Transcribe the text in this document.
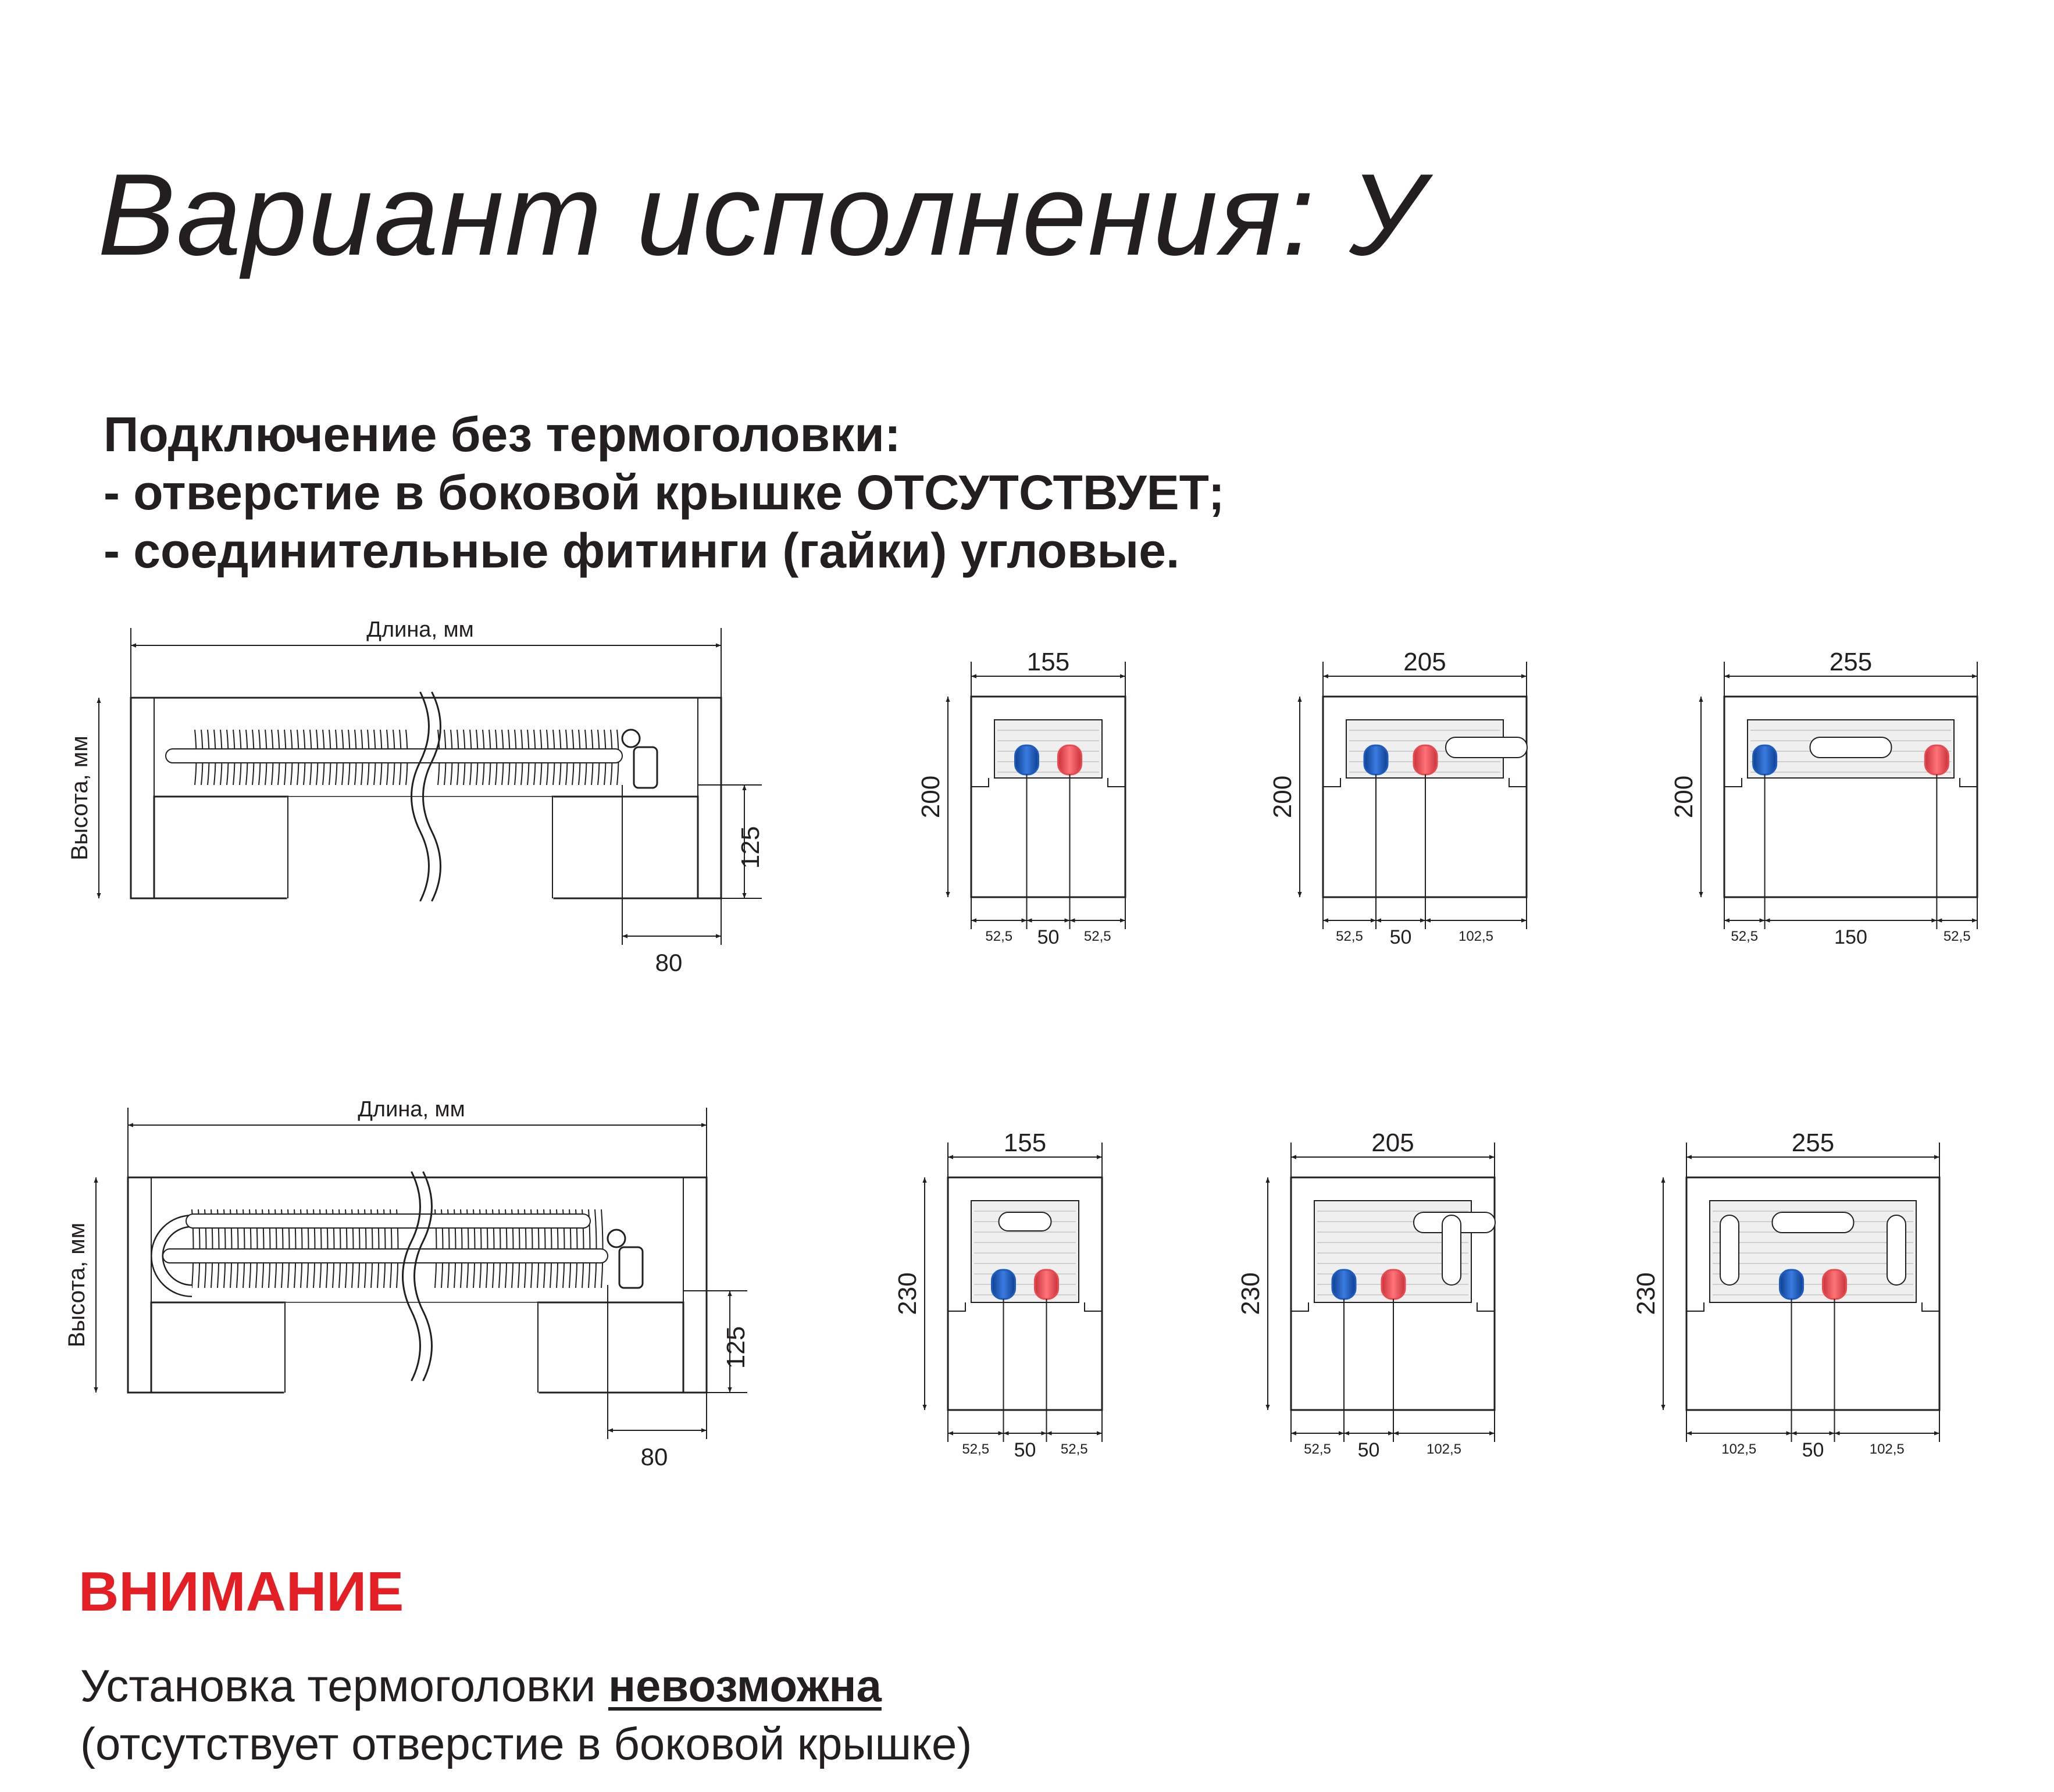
Вариант исполнения: У
Подключение без термоголовки:
- отверстие в боковой крышке ОТСУТСТВУЕТ;
- соединительные фитинги (гайки) угловые.
Длина, мм
Высота, мм	125
80
155
200
52,5 50 52,5
205
200
52,5 50	102,5
255
200
52,5	150	52,5
Длина, мм
Высота, мм
125
80
155
230
52,5 50 52,5
205
230
52,5 50	102,5
255
230
102,5 50	102,5
ВНИМАНИЕ
Установка термоголовки невозможна
(отсутствует отверстие в боковой крышке)
